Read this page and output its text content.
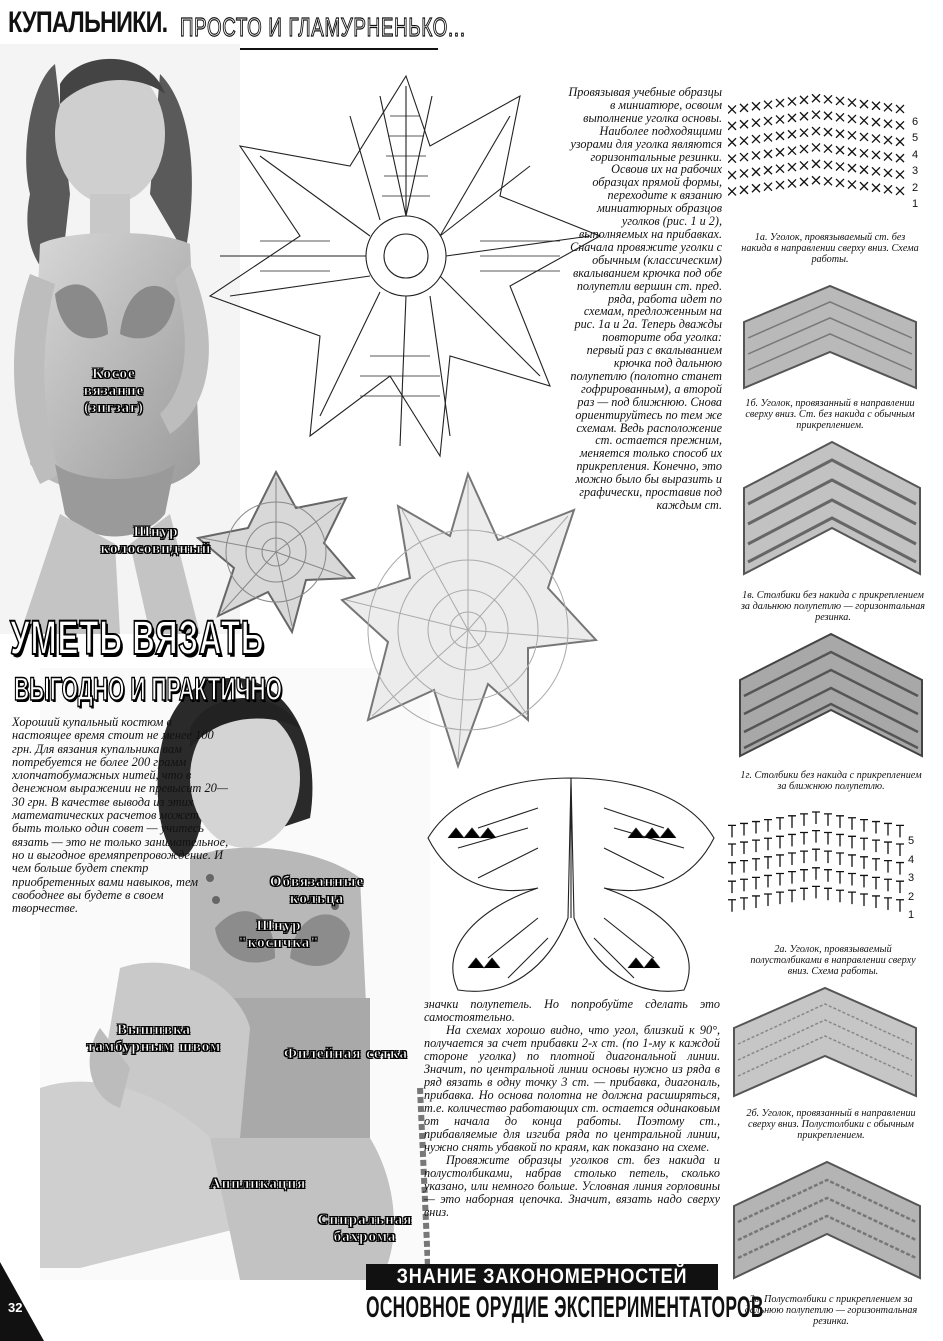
КУПАЛЬНИКИ. ПРОСТО И ГЛАМУРНЕНЬКО...
Косое
вязание
(зигзаг)
Шнур
колосовидный
Обвязанные
кольца
Шнур
"косичка"
Вышивка
тамбурным швом	Филейная сетка
Аппликация
Спиральная
бахрома
УМЕТЬ ВЯЗАТЬ
ВЫГОДНО И ПРАКТИЧНО
Хороший купальный костюм в настоящее время стоит не менее 100 грн. Для вязания купальника вам потребуется не более 200 грамм хлопчатобумажных нитей, что в денежном выражении не превысит 20—30 грн. В качестве вывода из этих математических расчетов может быть только один совет — учитесь вязать — это не только занимательное, но и выгодное времяпрепровождение. И чем больше будет спектр приобретенных вами навыков, тем свободнее вы будете в своем творчестве.
Провязывая учебные образцы в миниатюре, освоим выполнение уголка основы. Наиболее подходящими узорами для уголка являются горизонтальные резинки. Освоив их на рабочих образцах прямой формы, переходите к вязанию миниатюрных образцов уголков (рис. 1 и 2), выполняемых на прибавках. Сначала провяжите уголки с обычным (классическим) вкалыванием крючка под обе полупетли вершин ст. пред. ряда, работа идет по схемам, предложенным на рис. 1а и 2а. Теперь дважды повторите оба уголка: первый раз с вкалыванием крючка под дальнюю полупетлю (полотно станет гофрированным), а второй раз — под ближнюю. Снова ориентируйтесь по тем же схемам. Ведь расположение ст. остается прежним, меняется только способ их прикрепления. Конечно, это можно было бы выразить и графически, проставив под каждым ст.

значки полупетель. Но попробуйте сделать это самостоятельно.

На схемах хорошо видно, что угол, близкий к 90°, получается за счет прибавки 2-х ст. (по 1-му к каждой стороне уголка) по плотной диагональной линии. Значит, по центральной линии основы нужно из ряда в ряд вязать в одну точку 3 ст. — прибавка, диагональ, прибавка. Но основа полотна не должна расширяться, т.е. количество работающих ст. остается одинаковым от начала до конца работы. Поэтому ст., прибавляемые для изгиба ряда по центральной линии, нужно снять убавкой по краям, как показано на схеме.

Провяжите образцы уголков ст. без накида и полустолбиками, набрав столько петель, сколько указано, или немного больше. Условная линия горловины — это наборная цепочка. Значит, вязать надо сверху вниз.

6
5
4
3
2
1
1а. Уголок, провязываемый ст. без накида в направлении сверху вниз. Схема работы.
1б. Уголок, провязанный в направлении сверху вниз. Ст. без накида с обычным прикреплением.
1в. Столбики без накида с прикреплением за дальнюю полупетлю — горизонтальная резинка.
1г. Столбики без накида с прикреплением за ближнюю полупетлю.
5
4
3
2
1
2а. Уголок, провязываемый полустолбиками в направлении сверху вниз. Схема работы.
2б. Уголок, провязанный в направлении сверху вниз. Полустолбики с обычным прикреплением.
2в. Полустолбики с прикреплением за дальнюю полупетлю — горизонтальная резинка.
ЗНАНИЕ ЗАКОНОМЕРНОСТЕЙ
ОСНОВНОЕ ОРУДИЕ ЭКСПЕРИМЕНТАТОРОВ
32
